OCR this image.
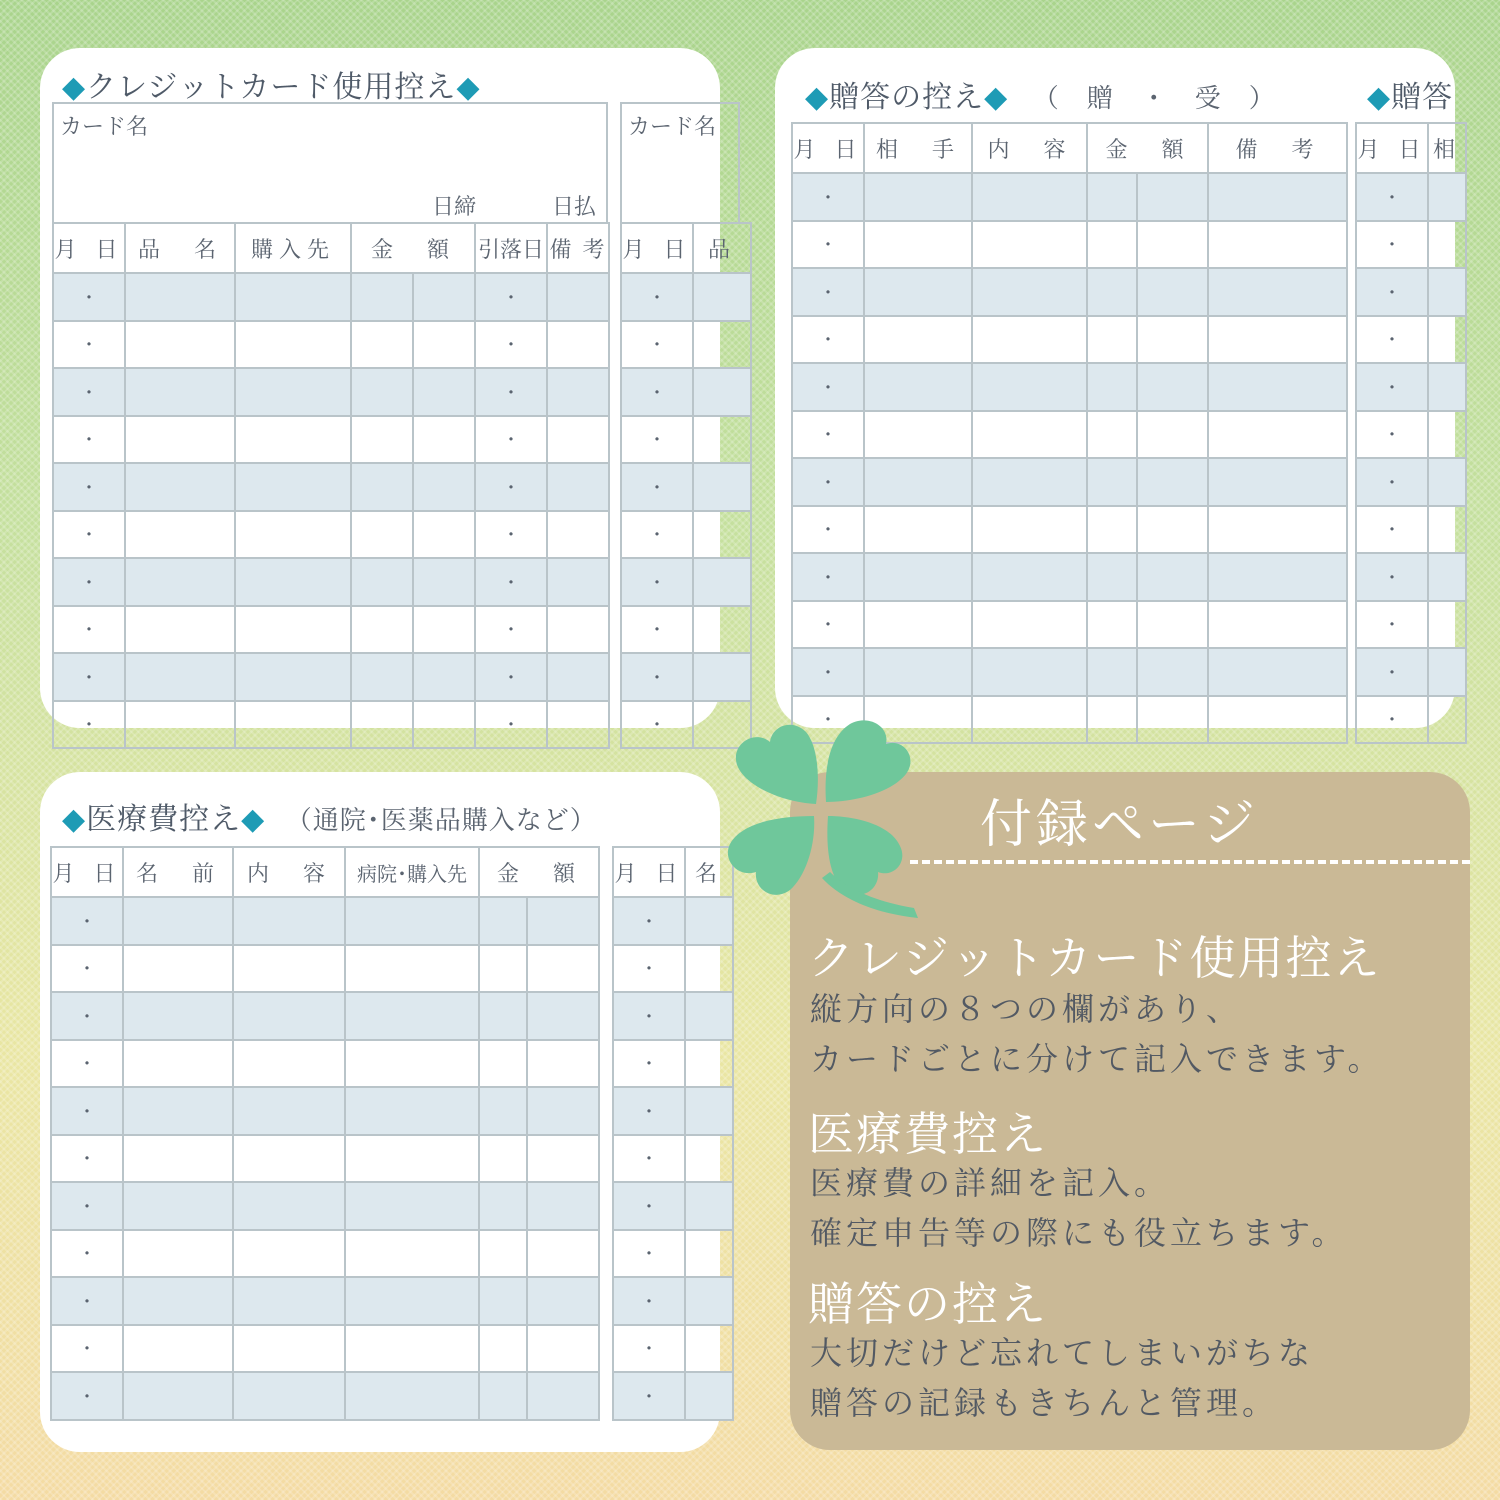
◆クレジットカード使用控え◆
カード名
日締	日払
月 日	品　名	購入先	金　額		引落日	備 考
・					・	
・					・	
・					・	
・					・	
・					・	
・					・	
・					・	
・					・	
・					・	
・					・	
カード名
月 日	品
・	
・	
・	
・	
・	
・	
・	
・	
・	
・	
◆贈答の控え◆ （　贈　・　受　）	◆贈答
月 日	相　手	内　容	金　額		備　考
・					
・					
・					
・					
・					
・					
・					
・					
・					
・					
・					
・					
月 日	相
・	
・	
・	
・	
・	
・	
・	
・	
・	
・	
・	
・	
◆医療費控え◆ （通院･医薬品購入など）
月 日	名　前	内　容	病院･購入先	金　額	
・					
・					
・					
・					
・					
・					
・					
・					
・					
・					
・					
月 日	名
・	
・	
・	
・	
・	
・	
・	
・	
・	
・	
・	
付録ページ
クレジットカード使用控え
縦方向の８つの欄があり、
カードごとに分けて記入できます。
医療費控え
医療費の詳細を記入。
確定申告等の際にも役立ちます。
贈答の控え
大切だけど忘れてしまいがちな
贈答の記録もきちんと管理。
